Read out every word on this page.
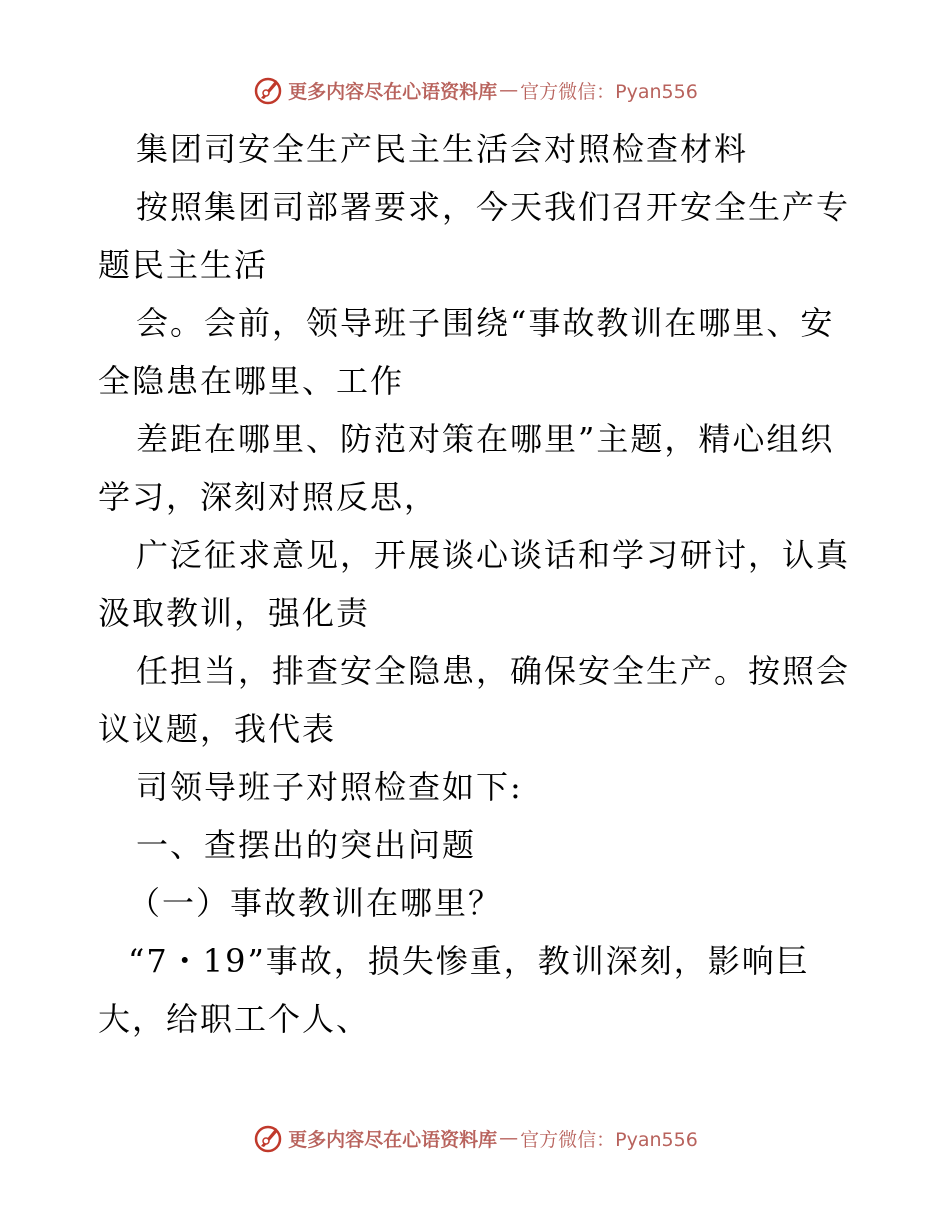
更多内容尽在心语资料库 — 官方微信：Pyan556
集团司安全生产民主生活会对照检查材料
按照集团司部署要求，今天我们召开安全生产专
题民主生活
会。会前，领导班子围绕“事故教训在哪里、安
全隐患在哪里、工作
差距在哪里、防范对策在哪里”主题，精心组织
学习，深刻对照反思，
广泛征求意见，开展谈心谈话和学习研讨，认真
汲取教训，强化责
任担当，排查安全隐患，确保安全生产。按照会
议议题，我代表
司领导班子对照检查如下:
一、查摆出的突出问题
（一）事故教训在哪里？
“7・19”事故，损失惨重，教训深刻，影响巨
大，给职工个人、
更多内容尽在心语资料库 — 官方微信：Pyan556
